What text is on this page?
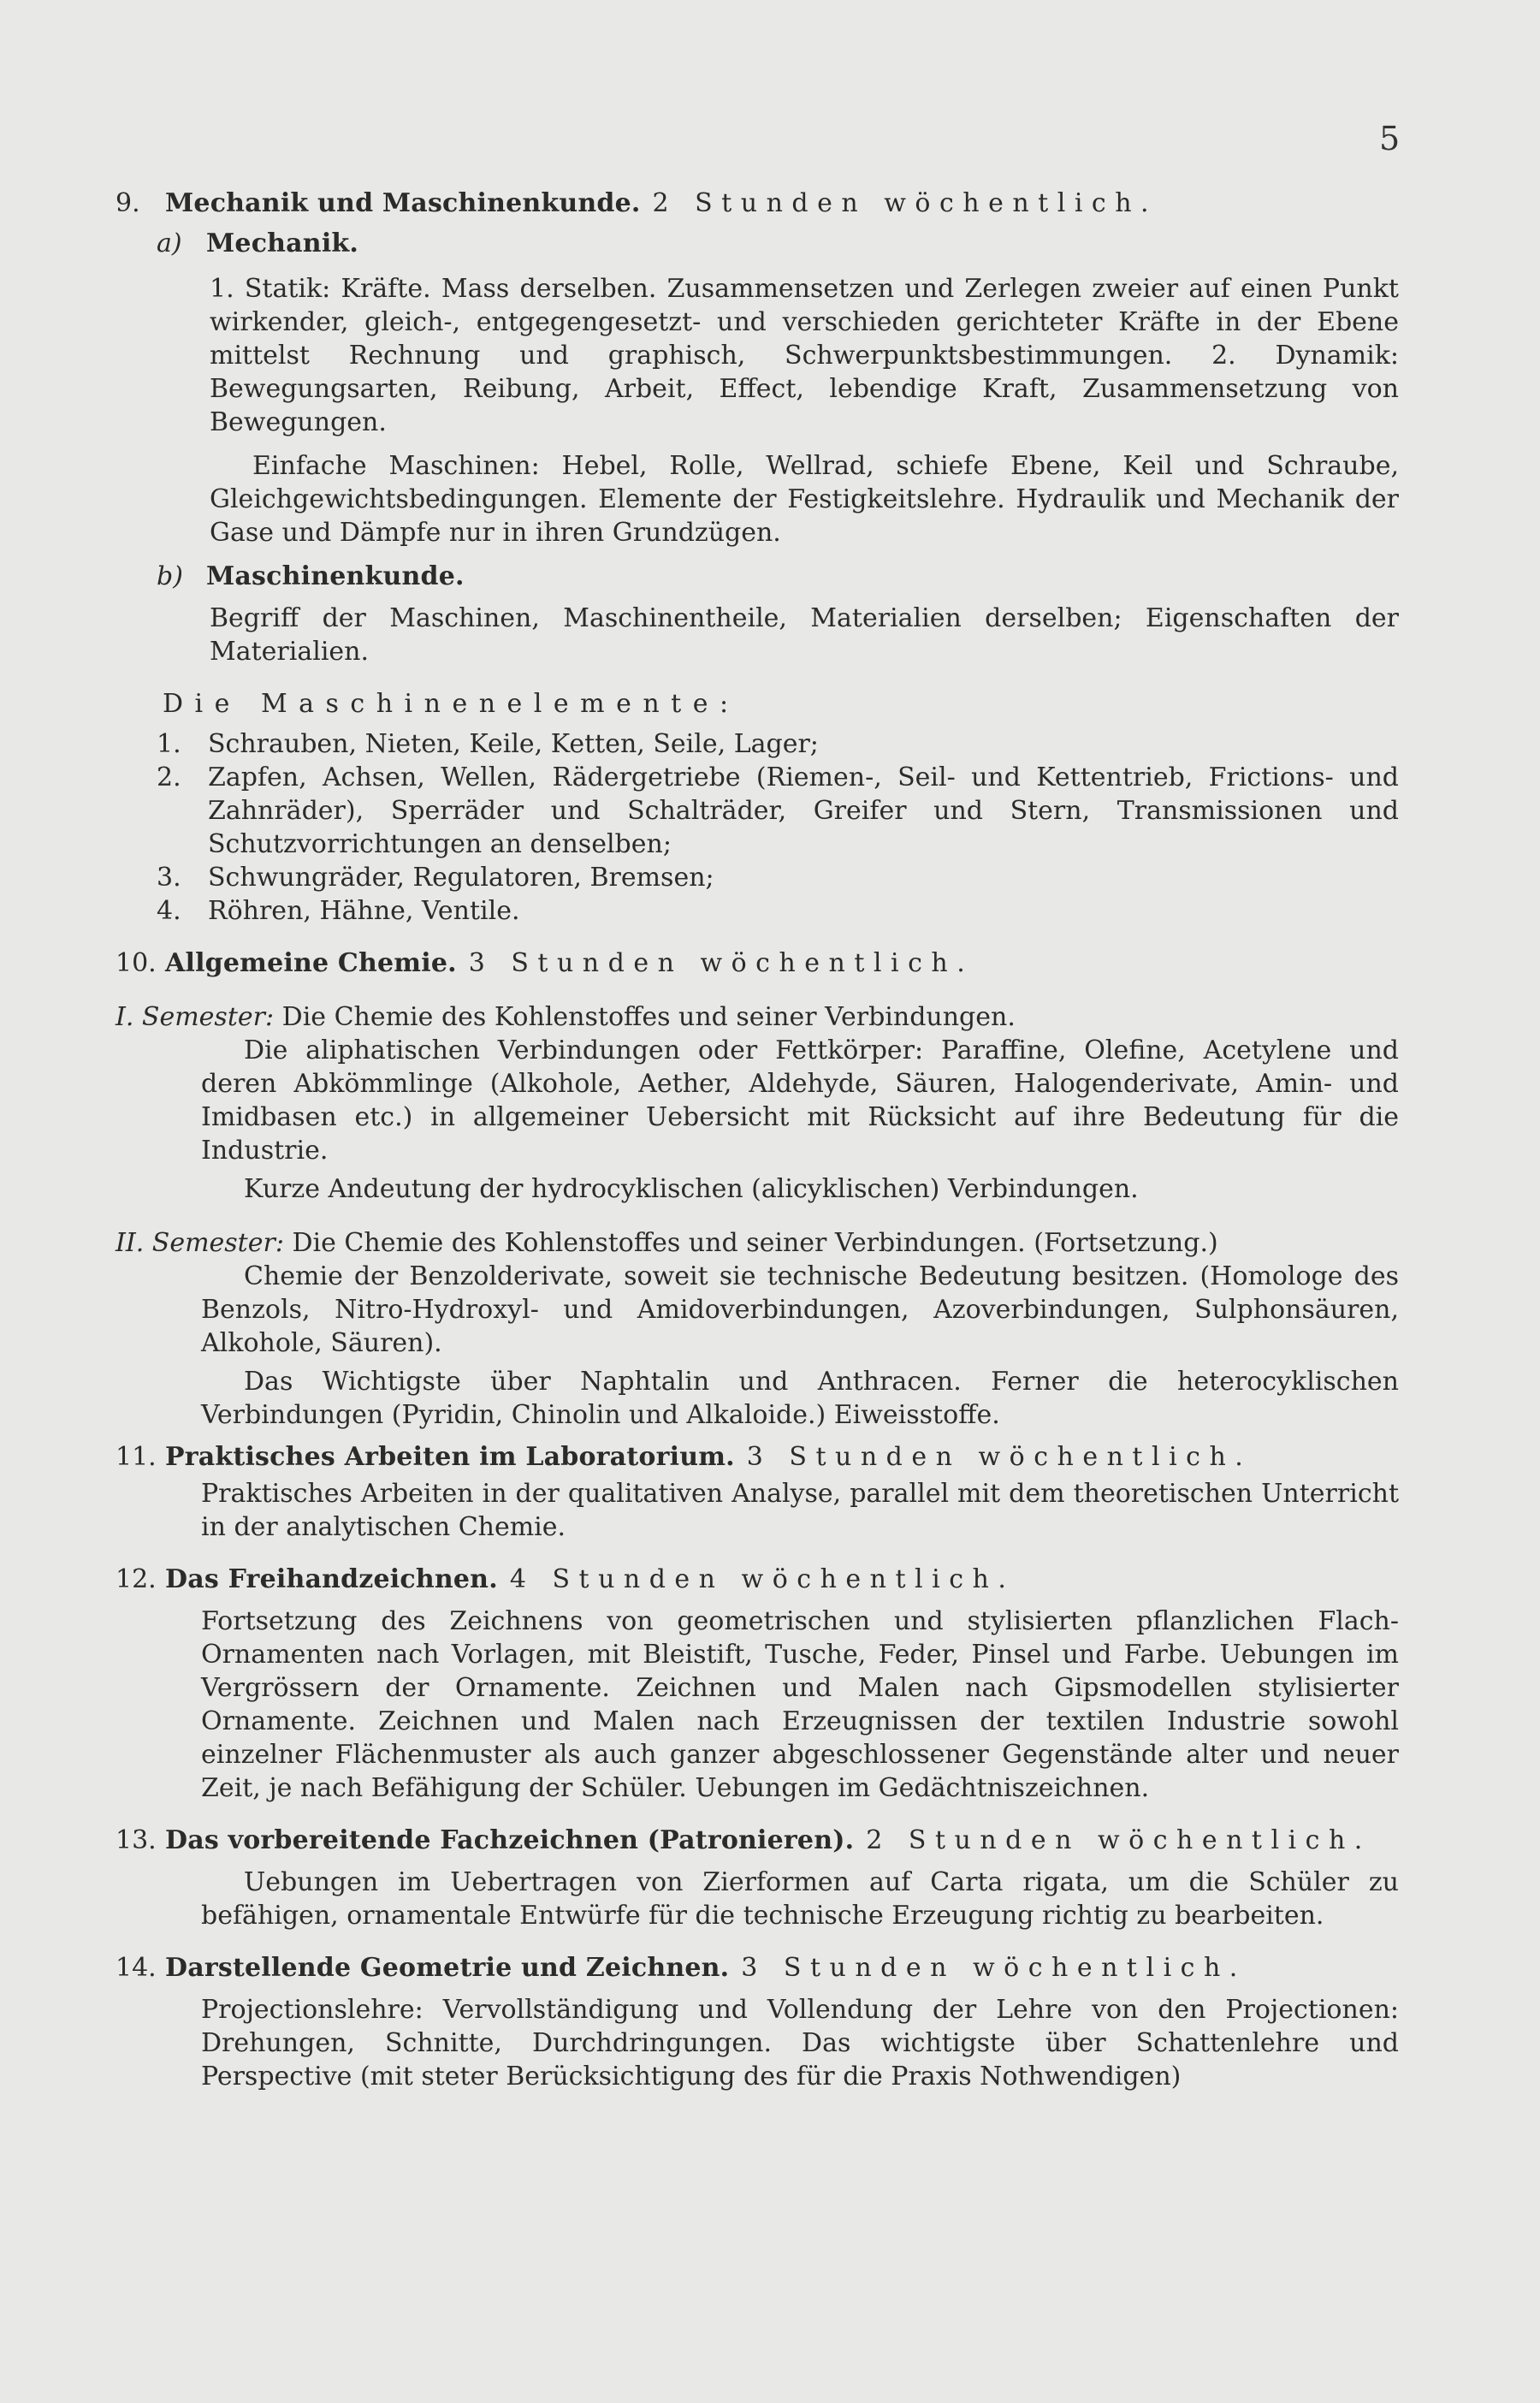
5
9. Mechanik und Maschinenkunde. 2 Stunden wöchentlich.
a) Mechanik.

1. Statik: Kräfte. Mass derselben. Zusammensetzen und Zerlegen zweier auf einen Punkt wirkender, gleich-, entgegengesetzt- und verschieden gerichteter Kräfte in der Ebene mittelst Rechnung und graphisch, Schwerpunktsbestimmungen. 2. Dynamik: Bewegungsarten, Reibung, Arbeit, Effect, lebendige Kraft, Zusammensetzung von Bewegungen.

Einfache Maschinen: Hebel, Rolle, Wellrad, schiefe Ebene, Keil und Schraube, Gleichgewichtsbedingungen. Elemente der Festigkeitslehre. Hydraulik und Mechanik der Gase und Dämpfe nur in ihren Grundzügen.

b) Maschinenkunde.

Begriff der Maschinen, Maschinentheile, Materialien derselben; Eigenschaften der Materialien.

Die Maschinenelemente:
1.	Schrauben, Nieten, Keile, Ketten, Seile, Lager;
2.	Zapfen, Achsen, Wellen, Rädergetriebe (Riemen-, Seil- und Kettentrieb, Frictions- und Zahnräder), Sperräder und Schalträder, Greifer und Stern, Transmissionen und Schutzvorrichtungen an denselben;
3.	Schwungräder, Regulatoren, Bremsen;
4.	Röhren, Hähne, Ventile.
10. Allgemeine Chemie. 3 Stunden wöchentlich.
I. Semester: Die Chemie des Kohlenstoffes und seiner Verbindungen.

Die aliphatischen Verbindungen oder Fettkörper: Paraffine, Olefine, Acetylene und deren Abkömmlinge (Alkohole, Aether, Aldehyde, Säuren, Halogenderivate, Amin- und Imidbasen etc.) in allgemeiner Uebersicht mit Rücksicht auf ihre Bedeutung für die Industrie.

Kurze Andeutung der hydrocyklischen (alicyklischen) Verbindungen.

II. Semester: Die Chemie des Kohlenstoffes und seiner Verbindungen. (Fortsetzung.)

Chemie der Benzolderivate, soweit sie technische Bedeutung besitzen. (Homologe des Benzols, Nitro-Hydroxyl- und Amidoverbindungen, Azoverbindungen, Sulphonsäuren, Alkohole, Säuren).

Das Wichtigste über Naphtalin und Anthracen. Ferner die heterocyklischen Verbindungen (Pyridin, Chinolin und Alkaloide.) Eiweisstoffe.

11. Praktisches Arbeiten im Laboratorium. 3 Stunden wöchentlich.

Praktisches Arbeiten in der qualitativen Analyse, parallel mit dem theoretischen Unterricht in der analytischen Chemie.

12. Das Freihandzeichnen. 4 Stunden wöchentlich.

Fortsetzung des Zeichnens von geometrischen und stylisierten pflanzlichen Flach-Ornamenten nach Vorlagen, mit Bleistift, Tusche, Feder, Pinsel und Farbe. Uebungen im Vergrössern der Ornamente. Zeichnen und Malen nach Gipsmodellen stylisierter Ornamente. Zeichnen und Malen nach Erzeugnissen der textilen Industrie sowohl einzelner Flächenmuster als auch ganzer abgeschlossener Gegenstände alter und neuer Zeit, je nach Befähigung der Schüler. Uebungen im Gedächtniszeichnen.

13. Das vorbereitende Fachzeichnen (Patronieren). 2 Stunden wöchentlich.

Uebungen im Uebertragen von Zierformen auf Carta rigata, um die Schüler zu befähigen, ornamentale Entwürfe für die technische Erzeugung richtig zu bearbeiten.

14. Darstellende Geometrie und Zeichnen. 3 Stunden wöchentlich.

Projectionslehre: Vervollständigung und Vollendung der Lehre von den Projectionen: Drehungen, Schnitte, Durchdringungen. Das wichtigste über Schattenlehre und Perspective (mit steter Berücksichtigung des für die Praxis Nothwendigen)
